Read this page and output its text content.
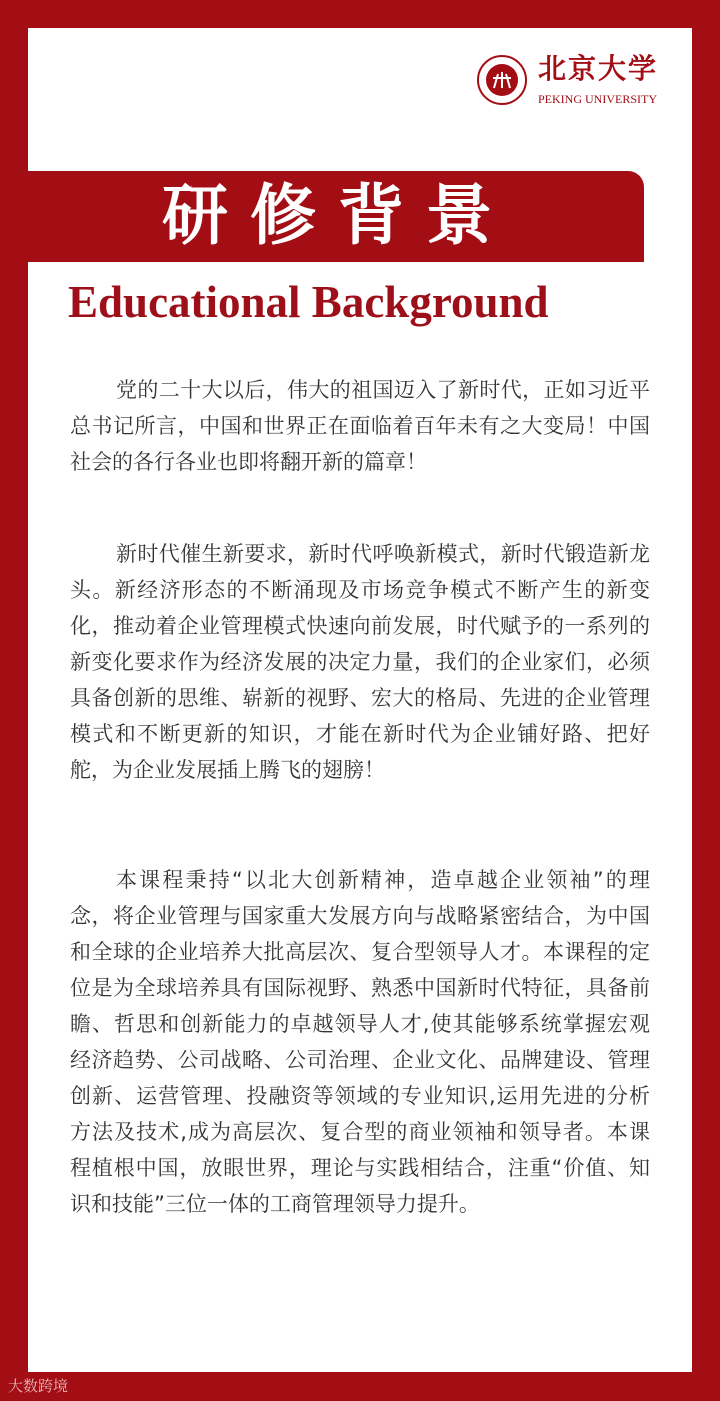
北京大学
PEKING UNIVERSITY
研修背景
Educational Background
党的二十大以后，伟大的祖国迈入了新时代，正如习近平
总书记所言，中国和世界正在面临着百年未有之大变局！中国
社会的各行各业也即将翻开新的篇章！
新时代催生新要求，新时代呼唤新模式，新时代锻造新龙
头。新经济形态的不断涌现及市场竞争模式不断产生的新变
化，推动着企业管理模式快速向前发展，时代赋予的一系列的
新变化要求作为经济发展的决定力量，我们的企业家们，必须
具备创新的思维、崭新的视野、宏大的格局、先进的企业管理
模式和不断更新的知识，才能在新时代为企业铺好路、把好
舵，为企业发展插上腾飞的翅膀！
本课程秉持“以北大创新精神，造卓越企业领袖”的理
念，将企业管理与国家重大发展方向与战略紧密结合，为中国
和全球的企业培养大批高层次、复合型领导人才。本课程的定
位是为全球培养具有国际视野、熟悉中国新时代特征，具备前
瞻、哲思和创新能力的卓越领导人才,使其能够系统掌握宏观
经济趋势、公司战略、公司治理、企业文化、品牌建设、管理
创新、运营管理、投融资等领域的专业知识,运用先进的分析
方法及技术,成为高层次、复合型的商业领袖和领导者。本课
程植根中国，放眼世界，理论与实践相结合，注重“价值、知
识和技能”三位一体的工商管理领导力提升。
大数跨境
